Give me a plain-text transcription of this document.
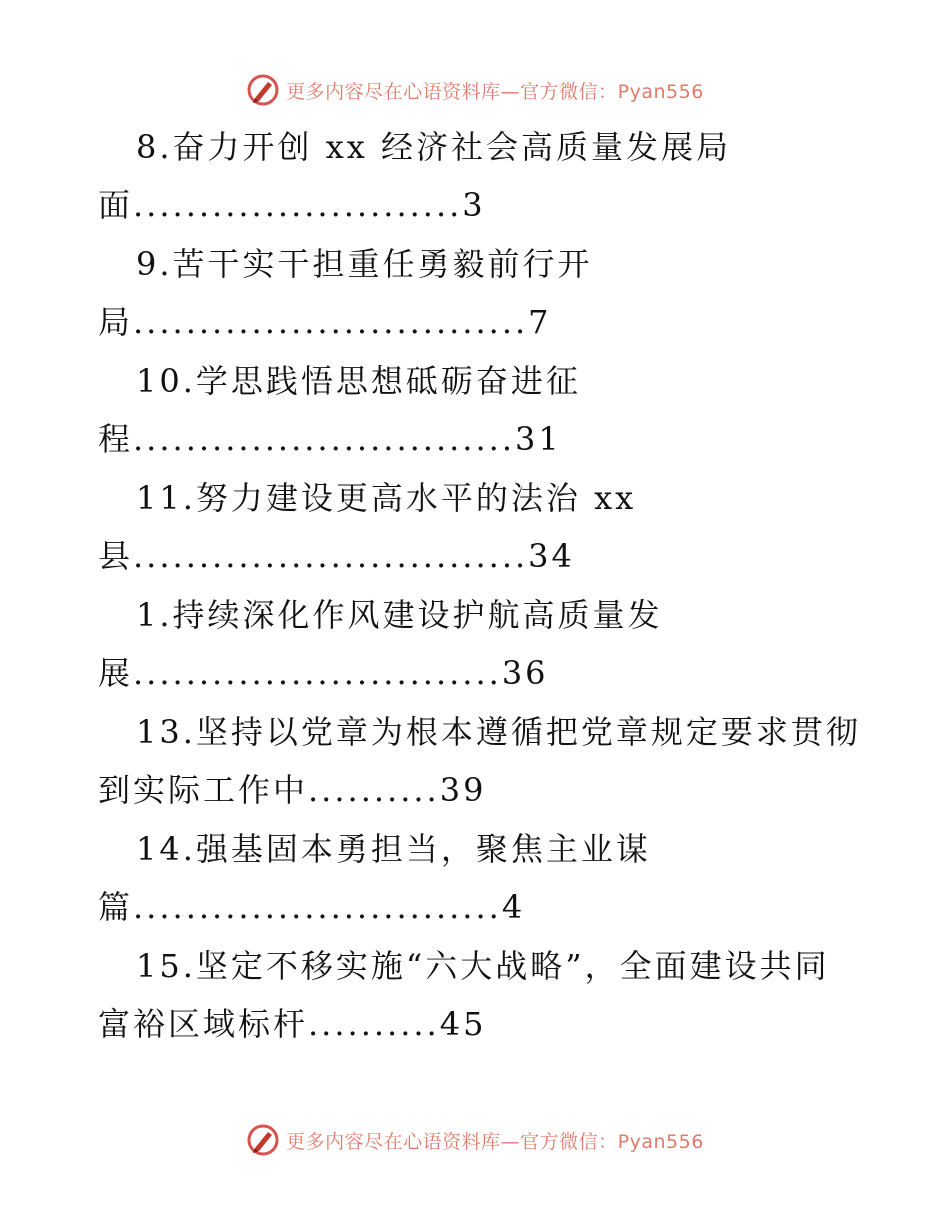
更多内容尽在心语资料库—官方微信：Pyan556
8.奋力开创 xx 经济社会高质量发展局
面.........................3
9.苦干实干担重任勇毅前行开
局..............................7
10.学思践悟思想砥砺奋进征
程.............................31
11.努力建设更高水平的法治 xx
县..............................34
1.持续深化作风建设护航高质量发
展............................36
13.坚持以党章为根本遵循把党章规定要求贯彻
到实际工作中..........39
14.强基固本勇担当，聚焦主业谋
篇............................4
15.坚定不移实施“六大战略”，全面建设共同
富裕区域标杆..........45
更多内容尽在心语资料库—官方微信：Pyan556
